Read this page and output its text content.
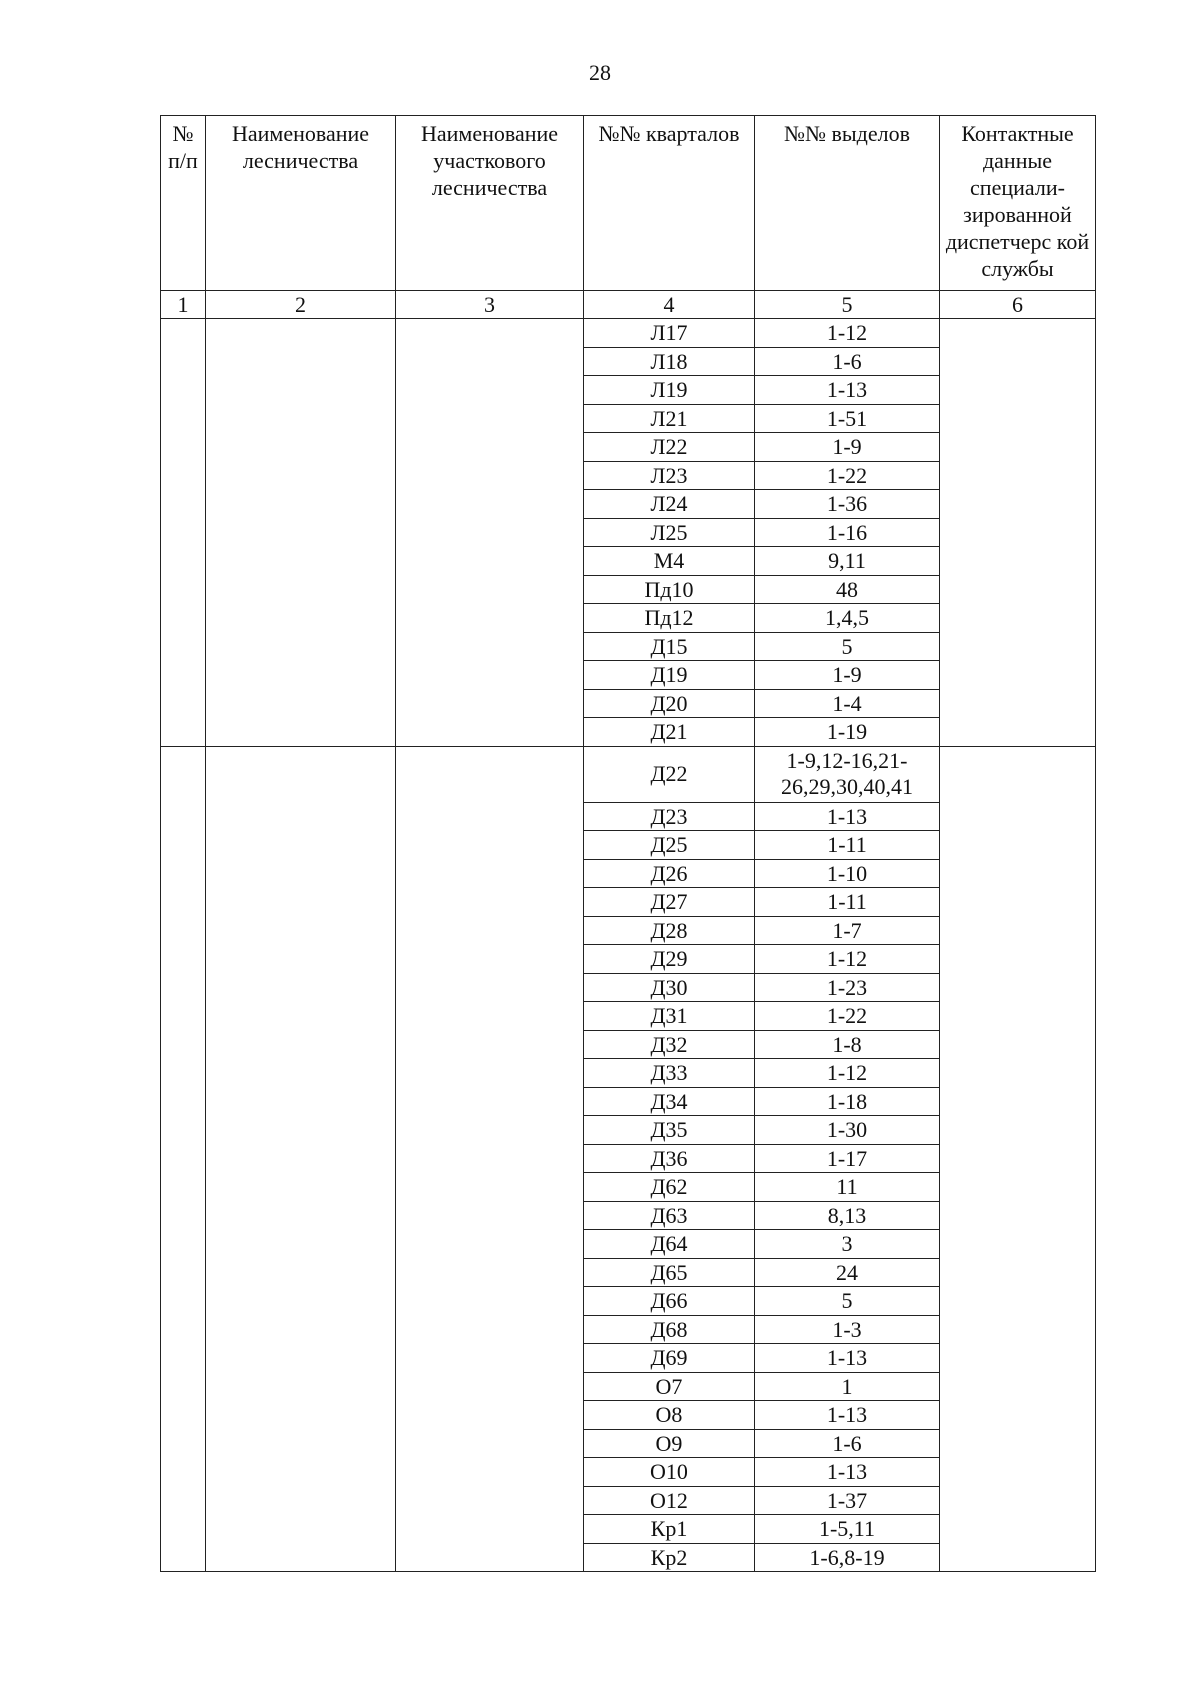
28
№ п/п	Наименование лесничества	Наименование участкового лесничества	№№ кварталов	№№ выделов	Контактные данные специали-зированной диспетчерс кой службы
1	2	3	4	5	6
			Л17	1-12	
			Л18	1-6	
			Л19	1-13	
			Л21	1-51	
			Л22	1-9	
			Л23	1-22	
			Л24	1-36	
			Л25	1-16	
			М4	9,11	
			Пд10	48	
			Пд12	1,4,5	
			Д15	5	
			Д19	1-9	
			Д20	1-4	
			Д21	1-19	
			Д22	1-9,12-16,21-26,29,30,40,41	
			Д23	1-13	
			Д25	1-11	
			Д26	1-10	
			Д27	1-11	
			Д28	1-7	
			Д29	1-12	
			Д30	1-23	
			Д31	1-22	
			Д32	1-8	
			Д33	1-12	
			Д34	1-18	
			Д35	1-30	
			Д36	1-17	
			Д62	11	
			Д63	8,13	
			Д64	3	
			Д65	24	
			Д66	5	
			Д68	1-3	
			Д69	1-13	
			О7	1	
			О8	1-13	
			О9	1-6	
			О10	1-13	
			О12	1-37	
			Кр1	1-5,11	
			Кр2	1-6,8-19	
